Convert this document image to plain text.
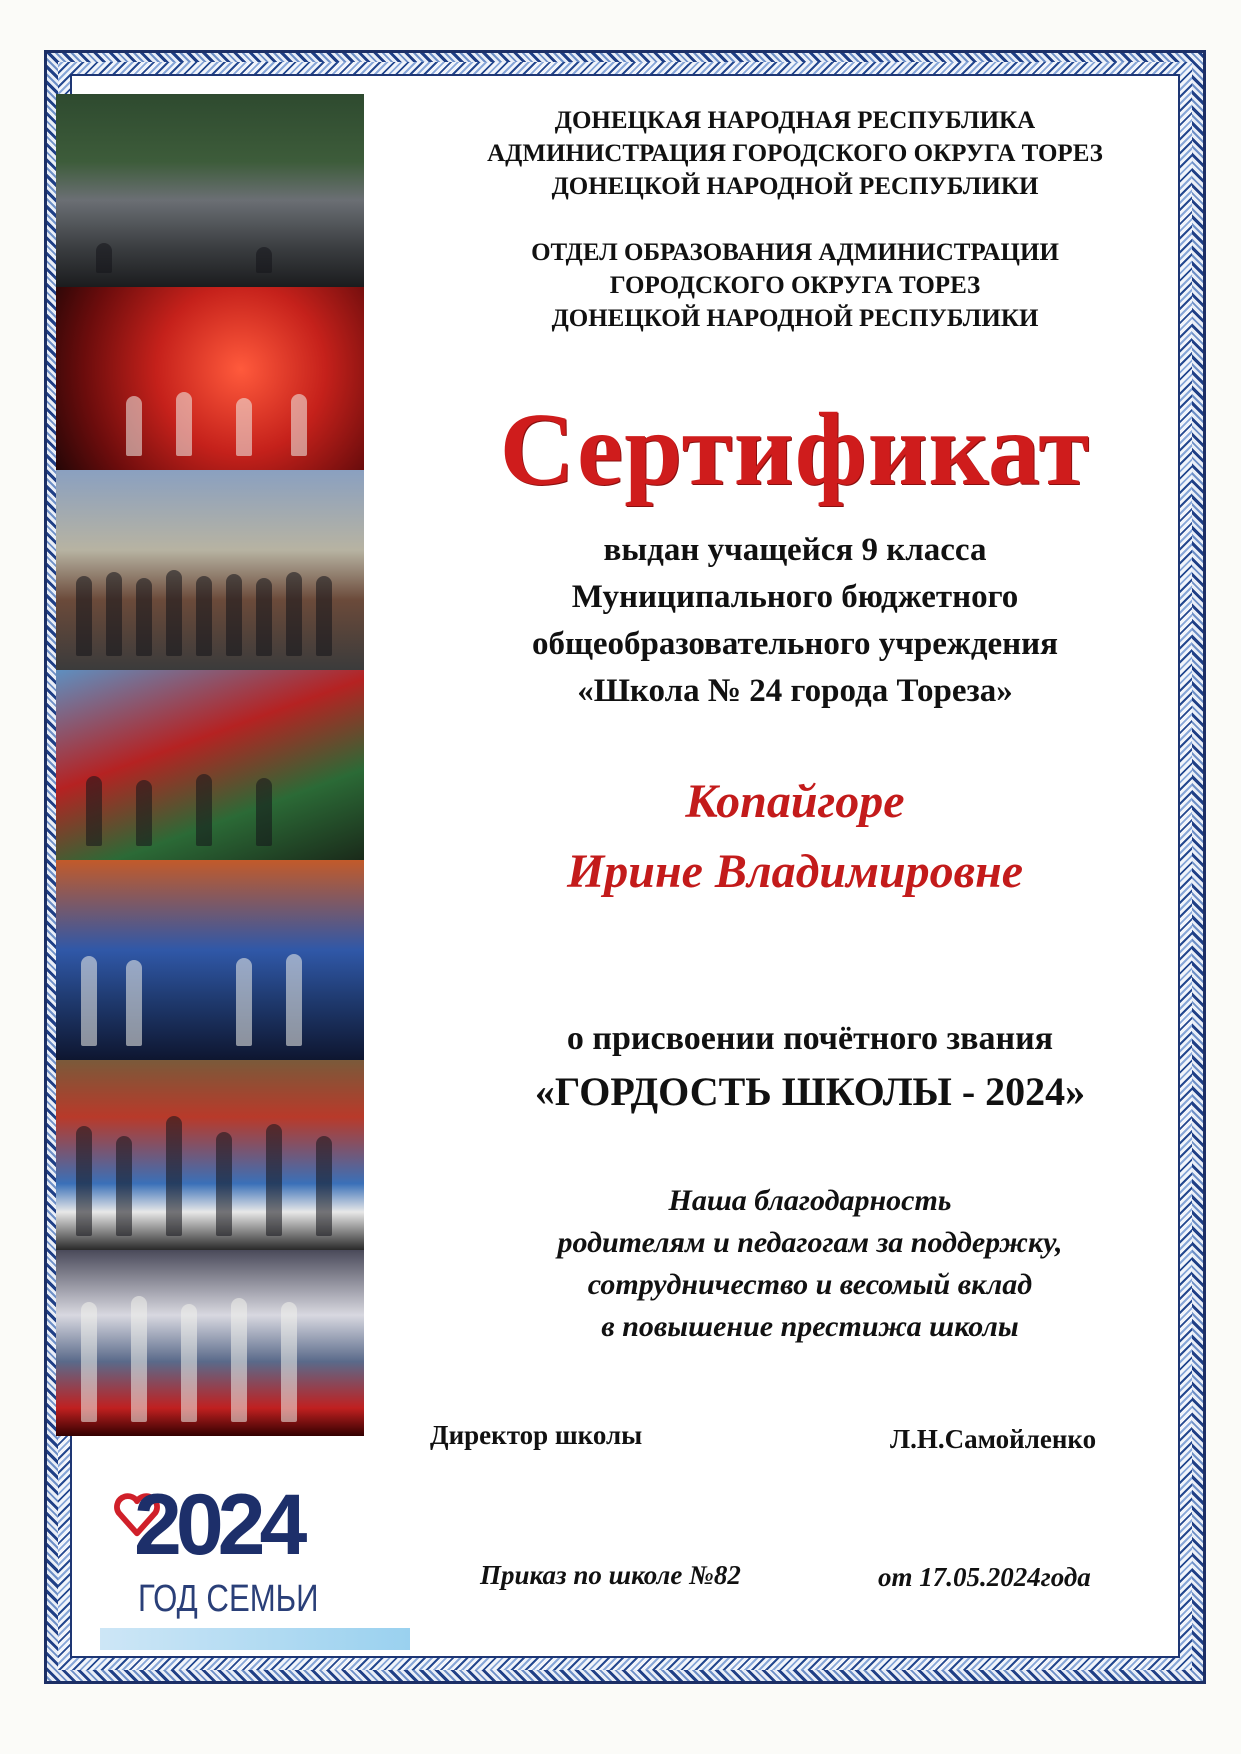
2024
ГОД СЕМЬИ
ДОНЕЦКАЯ НАРОДНАЯ РЕСПУБЛИКА
АДМИНИСТРАЦИЯ ГОРОДСКОГО ОКРУГА ТОРЕЗ
ДОНЕЦКОЙ НАРОДНОЙ РЕСПУБЛИКИ
ОТДЕЛ ОБРАЗОВАНИЯ АДМИНИСТРАЦИИ
ГОРОДСКОГО ОКРУГА ТОРЕЗ
ДОНЕЦКОЙ НАРОДНОЙ РЕСПУБЛИКИ
Сертификат
выдан учащейся 9 класса
Муниципального бюджетного
общеобразовательного учреждения
«Школа № 24 города Тореза»
Копайгоре
Ирине Владимировне
о присвоении почётного звания
«ГОРДОСТЬ ШКОЛЫ - 2024»
Наша благодарность
родителям и педагогам за поддержку,
сотрудничество и весомый вклад
в повышение престижа школы
Директор школы	Л.Н.Самойленко
Приказ по школе №82	от 17.05.2024года
